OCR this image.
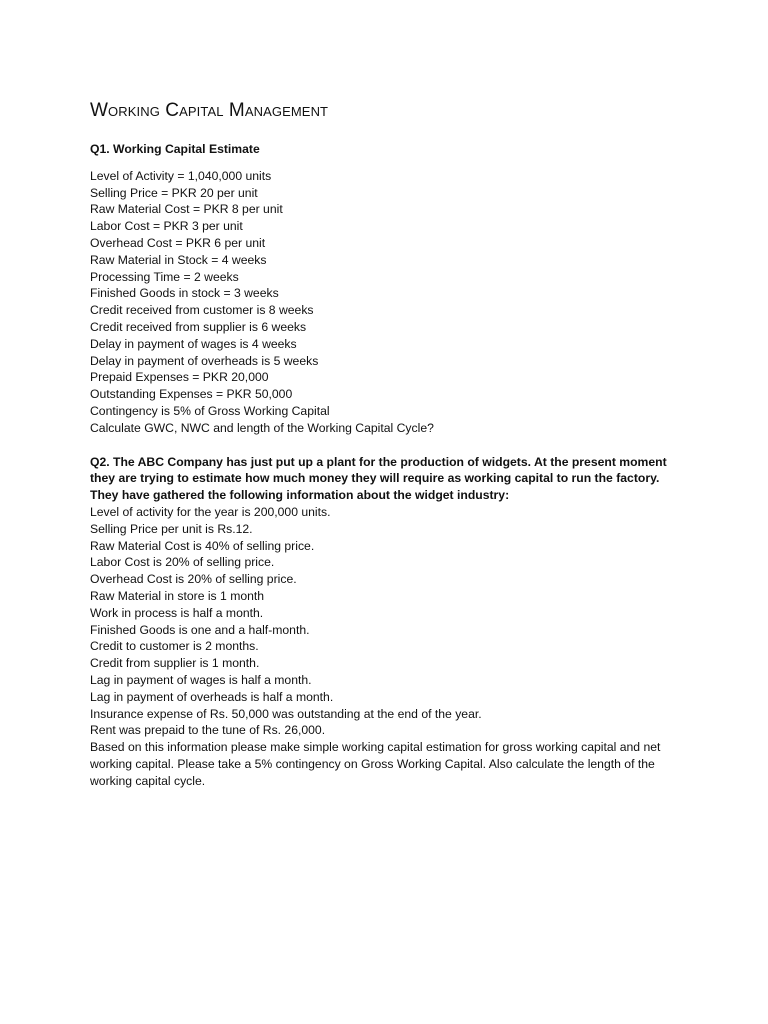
Working Capital Management

Q1. Working Capital Estimate

Level of Activity = 1,040,000 units
Selling Price = PKR 20 per unit
Raw Material Cost = PKR 8 per unit
Labor Cost = PKR 3 per unit
Overhead Cost = PKR 6 per unit
Raw Material in Stock = 4 weeks
Processing Time = 2 weeks
Finished Goods in stock = 3 weeks
Credit received from customer is 8 weeks
Credit received from supplier is 6 weeks
Delay in payment of wages is 4 weeks
Delay in payment of overheads is 5 weeks
Prepaid Expenses = PKR 20,000
Outstanding Expenses = PKR 50,000
Contingency is 5% of Gross Working Capital
Calculate GWC, NWC and length of the Working Capital Cycle?

Q2. The ABC Company has just put up a plant for the production of widgets. At the present moment they are trying to estimate how much money they will require as working capital to run the factory. They have gathered the following information about the widget industry:

Level of activity for the year is 200,000 units.
Selling Price per unit is Rs.12.
Raw Material Cost is 40% of selling price.
Labor Cost is 20% of selling price.
Overhead Cost is 20% of selling price.
Raw Material in store is 1 month
Work in process is half a month.
Finished Goods is one and a half-month.
Credit to customer is 2 months.
Credit from supplier is 1 month.
Lag in payment of wages is half a month.
Lag in payment of overheads is half a month.
Insurance expense of Rs. 50,000 was outstanding at the end of the year.
Rent was prepaid to the tune of Rs. 26,000.

Based on this information please make simple working capital estimation for gross working capital and net working capital. Please take a 5% contingency on Gross Working Capital. Also calculate the length of the working capital cycle.
